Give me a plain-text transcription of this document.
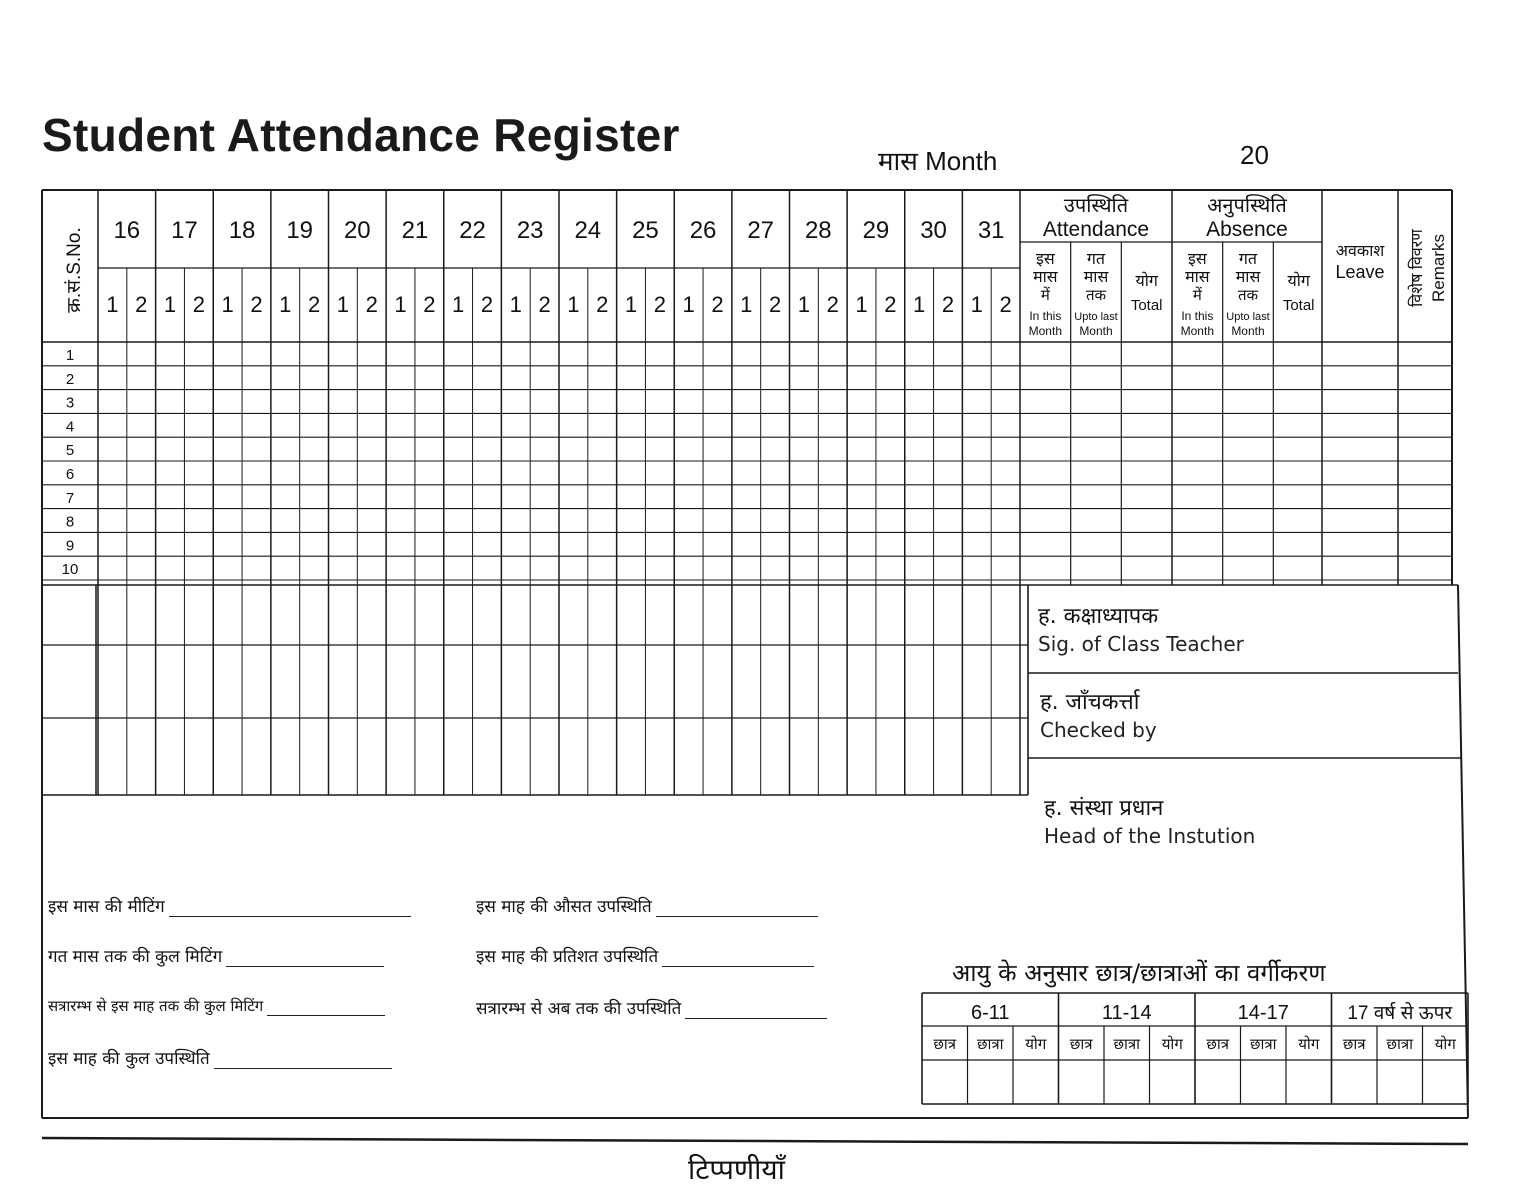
Student Attendance Register	मास Month	20
16
1 2
17
1 2
18
1 2
19
1 2
20
1 2
21
1 2
22
1 2
23
1 2
24
1 2
25
1 2
26
1 2
27
1 2
28
1 2
29
1 2
30
1 2
31
1 2
क्र.सं.S.No.
उपस्थिति
Attendance
अनुपस्थिति
Absence
इस
मास
में
In this
Month
गत
मास
तक
Upto last
Month
योग
Total
इस
मास
में
In this
Month
गत
मास
तक
Upto last
Month
योग
Total
अवकाश
Leave विशेष विवरण Remarks
1
2
3
4
5
6
7
8
9
10
6-11
छात्र छात्रा योग
11-14
छात्र छात्रा योग
14-17
छात्र छात्रा योग
17 वर्ष से ऊपर
छात्र छात्रा योग
ह. कक्षाध्यापक
Sig. of Class Teacher
ह. जाँचकर्त्ता
Checked by
ह. संस्था प्रधान
Head of the Instution
इस मास की मीटिंग
गत मास तक की कुल मिटिंग
सत्रारम्भ से इस माह तक की कुल मिटिंग
इस माह की कुल उपस्थिति
इस माह की औसत उपस्थिति
इस माह की प्रतिशत उपस्थिति
सत्रारम्भ से अब तक की उपस्थिति
आयु के अनुसार छात्र/छात्राओं का वर्गीकरण
टिप्पणीयाँ
